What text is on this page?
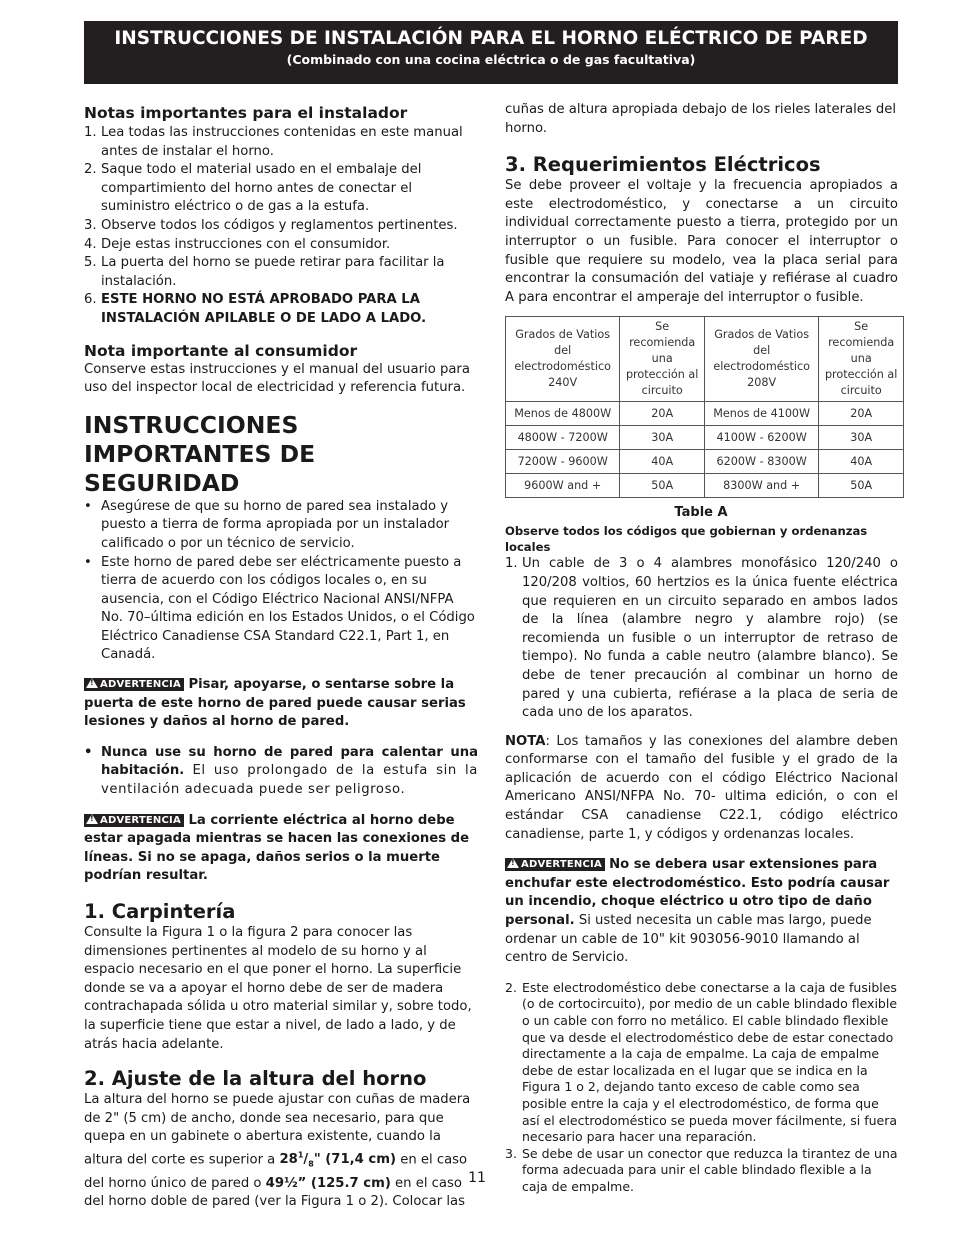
INSTRUCCIONES DE INSTALACIÓN PARA EL HORNO ELÉCTRICO DE PARED
(Combinado con una cocina eléctrica o de gas facultativa)
Notas importantes para el instalador
1. Lea todas las instrucciones contenidas en este manual antes de instalar el horno.
2. Saque todo el material usado en el embalaje del compartimiento del horno antes de conectar el suministro eléctrico o de gas a la estufa.
3. Observe todos los códigos y reglamentos pertinentes.
4. Deje estas instrucciones con el consumidor.
5. La puerta del horno se puede retirar para facilitar la instalación.
6. ESTE HORNO NO ESTÁ APROBADO PARA LA INSTALACIÓN APILABLE O DE LADO A LADO.
Nota importante al consumidor
Conserve estas instrucciones y el manual del usuario para uso del inspector local de electricidad y referencia futura.
INSTRUCCIONES
IMPORTANTES DE SEGURIDAD
• Asegúrese de que su horno de pared sea instalado y puesto a tierra de forma apropiada por un instalador calificado o por un técnico de servicio.
• Este horno de pared debe ser eléctricamente puesto a tierra de acuerdo con los códigos locales o, en su ausencia, con el Código Eléctrico Nacional ANSI/NFPA No. 70–última edición en los Estados Unidos, o el Código Eléctrico Canadiense CSA Standard C22.1, Part 1, en Canadá.
!ADVERTENCIA Pisar, apoyarse, o sentarse sobre la puerta de este horno de pared puede causar serias lesiones y daños al horno de pared.
• Nunca use su horno de pared para calentar una habitación. El uso prolongado de la estufa sin la ventilación adecuada puede ser peligroso.
!ADVERTENCIA La corriente eléctrica al horno debe estar apagada mientras se hacen las conexiones de líneas. Si no se apaga, daños serios o la muerte podrían resultar.
1. Carpintería
Consulte la Figura 1 o la figura 2 para conocer las dimensiones pertinentes al modelo de su horno y al espacio necesario en el que poner el horno. La superficie donde se va a apoyar el horno debe de ser de madera contrachapada sólida u otro material similar y, sobre todo, la superficie tiene que estar a nivel, de lado a lado, y de atrás hacia adelante.
2. Ajuste de la altura del horno
La altura del horno se puede ajustar con cuñas de madera de 2" (5 cm) de ancho, donde sea necesario, para que quepa en un gabinete o abertura existente, cuando la altura del corte es superior a $28^1/_8$" (71,4 cm) en el caso del horno único de pared o 49½” (125.7 cm) en el caso del horno doble de pared (ver la Figura 1 o 2). Colocar las
cuñas de altura apropiada debajo de los rieles laterales del horno.
3. Requerimientos Eléctricos
Se debe proveer el voltaje y la frecuencia apropiados a este electrodoméstico, y conectarse a un circuito individual correctamente puesto a tierra, protegido por un interruptor o un fusible. Para conocer el interruptor o fusible que requiere su modelo, vea la placa serial para encontrar la consumación del vatiaje y refiérase al cuadro A para encontrar el amperaje del interruptor o fusible.
Grados de Vatios del electrodoméstico 240V	Se recomienda una protección al circuito	Grados de Vatios del electrodoméstico 208V	Se recomienda una protección al circuito
Menos de 4800W	20A	Menos de 4100W	20A
4800W - 7200W	30A	4100W - 6200W	30A
7200W - 9600W	40A	6200W - 8300W	40A
9600W and +	50A	8300W and +	50A
Table A
Observe todos los códigos que gobiernan y ordenanzas locales
1. Un cable de 3 o 4 alambres monofásico 120/240 o 120/208 voltios, 60 hertzios es la única fuente eléctrica que requieren en un circuito separado en ambos lados de la línea (alambre negro y alambre rojo) (se recomienda un fusible o un interruptor de retraso de tiempo). No funda a cable neutro (alambre blanco). Se debe de tener precaución al combinar un horno de pared y una cubierta, refiérase a la placa de seria de cada uno de los aparatos.
NOTA: Los tamaños y las conexiones del alambre deben conformarse con el tamaño del fusible y el grado de la aplicación de acuerdo con el código Eléctrico Nacional Americano ANSI/NFPA No. 70- ultima edición, o con el estándar CSA canadiense C22.1, código eléctrico canadiense, parte 1, y códigos y ordenanzas locales.
!ADVERTENCIA No se debera usar extensiones para enchufar este electrodoméstico. Esto podría causar un incendio, choque eléctrico u otro tipo de daño personal. Si usted necesita un cable mas largo, puede ordenar un cable de 10" kit 903056-9010 llamando al centro de Servicio.
2. Este electrodoméstico debe conectarse a la caja de fusibles (o de cortocircuito), por medio de un cable blindado flexible o un cable con forro no metálico. El cable blindado flexible que va desde el electrodoméstico debe de estar conectado directamente a la caja de empalme. La caja de empalme debe de estar localizada en el lugar que se indica en la Figura 1 o 2, dejando tanto exceso de cable como sea posible entre la caja y el electrodoméstico, de forma que así el electrodoméstico se pueda mover fácilmente, si fuera necesario para hacer una reparación.
3. Se debe de usar un conector que reduzca la tirantez de una forma adecuada para unir el cable blindado flexible a la caja de empalme.
11
